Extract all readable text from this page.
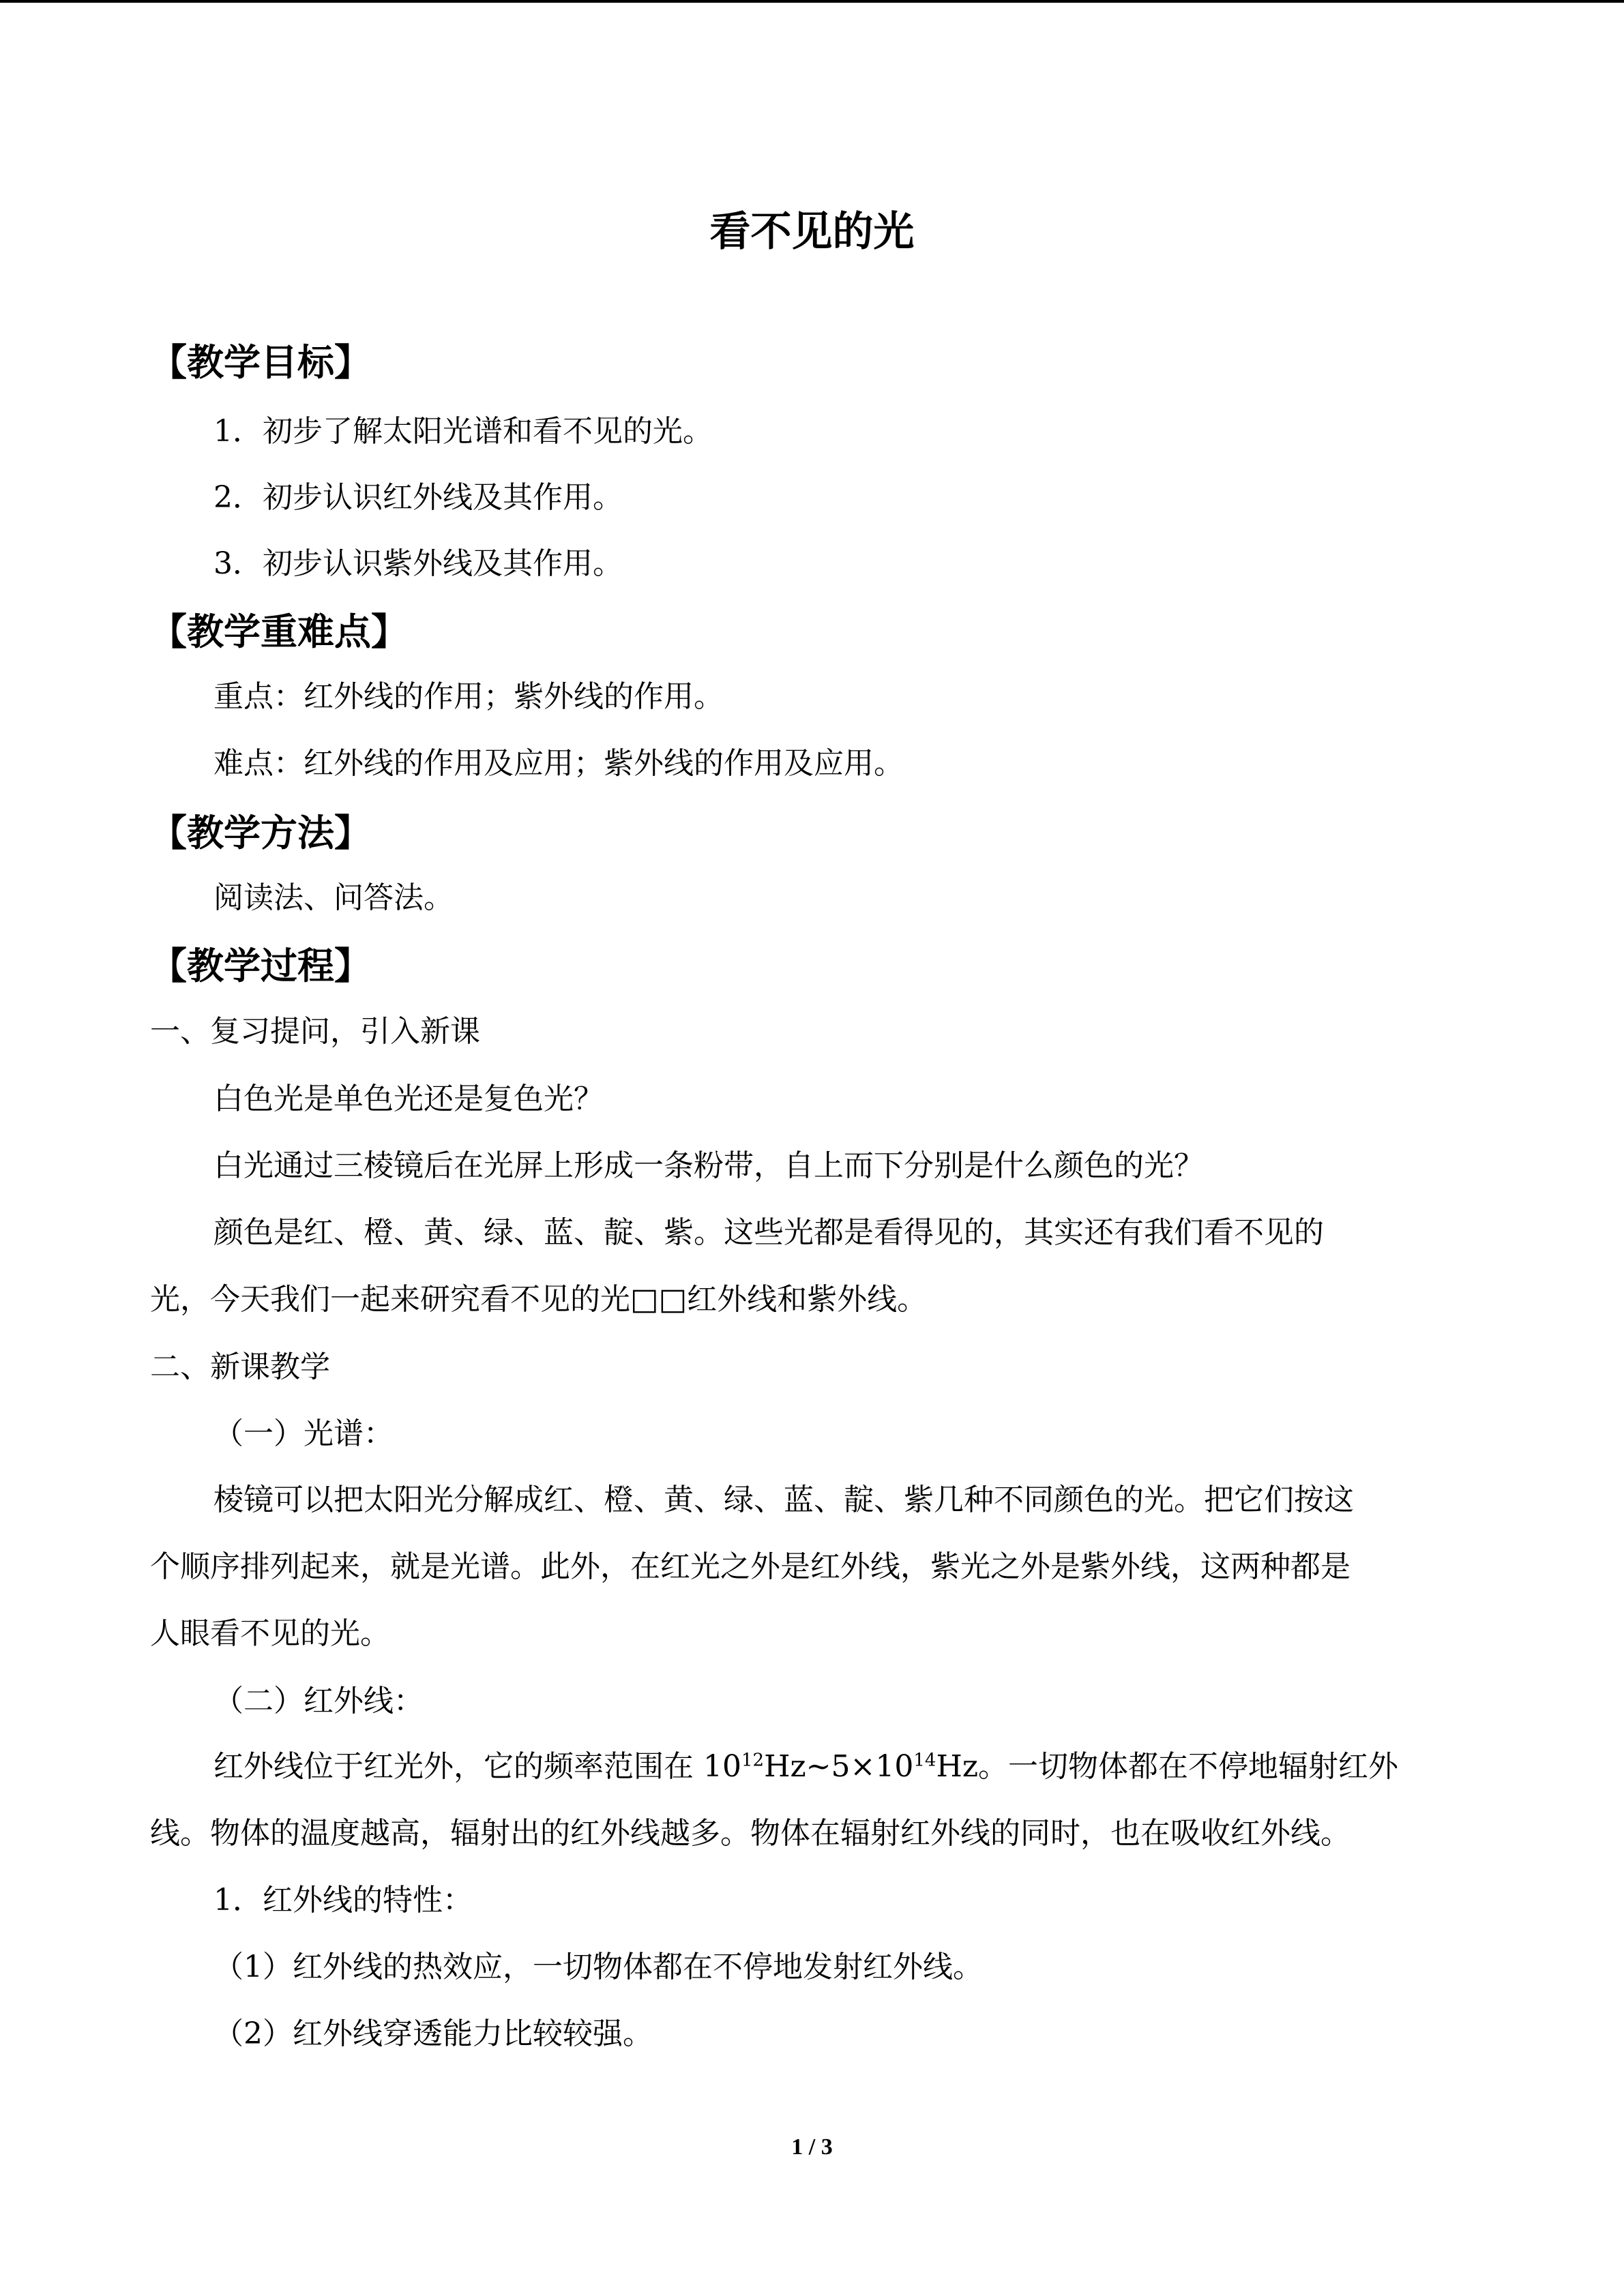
看不见的光
【教学目标】
1．初步了解太阳光谱和看不见的光。
2．初步认识红外线及其作用。
3．初步认识紫外线及其作用。
【教学重难点】
重点：红外线的作用；紫外线的作用。
难点：红外线的作用及应用；紫外线的作用及应用。
【教学方法】
阅读法、问答法。
【教学过程】
一、复习提问，引入新课
白色光是单色光还是复色光？
白光通过三棱镜后在光屏上形成一条粉带，自上而下分别是什么颜色的光？
颜色是红、橙、黄、绿、蓝、靛、紫。这些光都是看得见的，其实还有我们看不见的
光，今天我们一起来研究看不见的光□□红外线和紫外线。
二、新课教学
（一）光谱：
棱镜可以把太阳光分解成红、橙、黄、绿、蓝、靛、紫几种不同颜色的光。把它们按这
个顺序排列起来，就是光谱。此外，在红光之外是红外线，紫光之外是紫外线，这两种都是
人眼看不见的光。
（二）红外线：
红外线位于红光外，它的频率范围在 $10^{12}Hz\sim 5\times 10^{14}Hz$。一切物体都在不停地辐射红外
线。物体的温度越高，辐射出的红外线越多。物体在辐射红外线的同时，也在吸收红外线。
1．红外线的特性：
（1）红外线的热效应，一切物体都在不停地发射红外线。
（2）红外线穿透能力比较较强。
1 / 3
